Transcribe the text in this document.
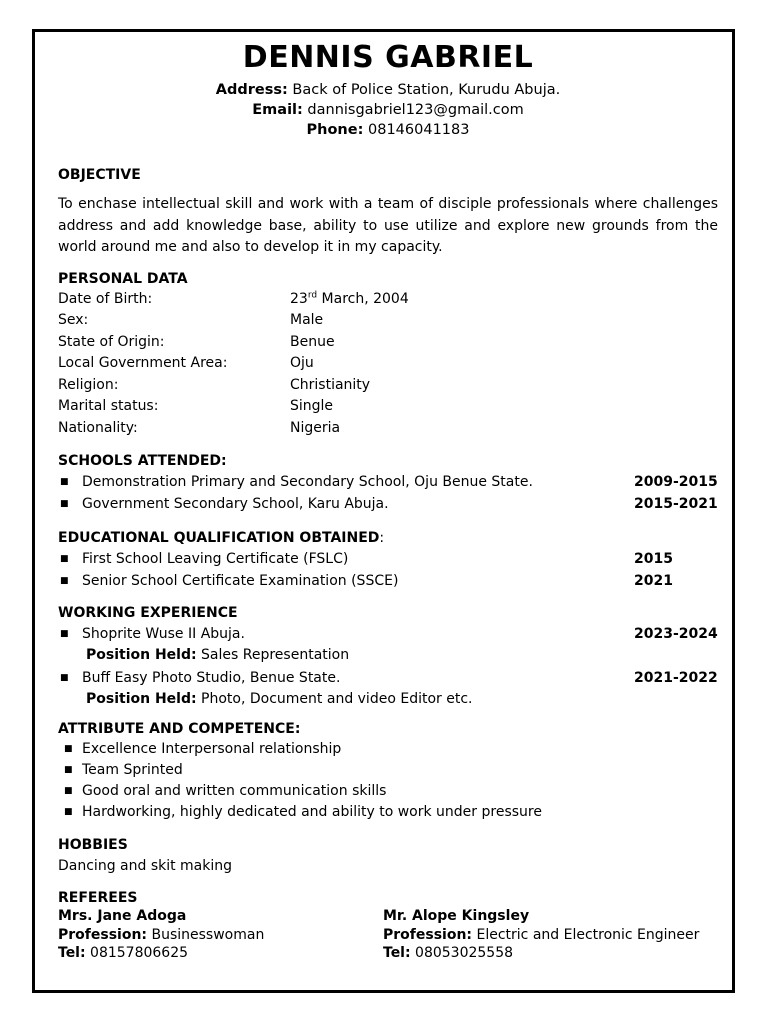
DENNIS GABRIEL
Address: Back of Police Station, Kurudu Abuja.
Email: dannisgabriel123@gmail.com
Phone: 08146041183
OBJECTIVE
To enchase intellectual skill and work with a team of disciple professionals where challenges address and add knowledge base, ability to use utilize and explore new grounds from the world around me and also to develop it in my capacity.
PERSONAL DATA
Date of Birth:	23rd March, 2004
Sex:	Male
State of Origin:	Benue
Local Government Area:	Oju
Religion:	Christianity
Marital status:	Single
Nationality:	Nigeria
SCHOOLS ATTENDED:
■ Demonstration Primary and Secondary School, Oju Benue State.	2009-2015
■ Government Secondary School, Karu Abuja.	2015-2021
EDUCATIONAL QUALIFICATION OBTAINED:
■ First School Leaving Certificate (FSLC)	2015
■ Senior School Certificate Examination (SSCE)	2021
WORKING EXPERIENCE
■ Shoprite Wuse II Abuja.	2023-2024
Position Held: Sales Representation
■ Buff Easy Photo Studio, Benue State.	2021-2022
Position Held: Photo, Document and video Editor etc.
ATTRIBUTE AND COMPETENCE:
■ Excellence Interpersonal relationship
■ Team Sprinted
■ Good oral and written communication skills
■ Hardworking, highly dedicated and ability to work under pressure
HOBBIES
Dancing and skit making
REFEREES
Mrs. Jane Adoga
Profession: Businesswoman
Tel: 08157806625
Mr. Alope Kingsley
Profession: Electric and Electronic Engineer
Tel: 08053025558
